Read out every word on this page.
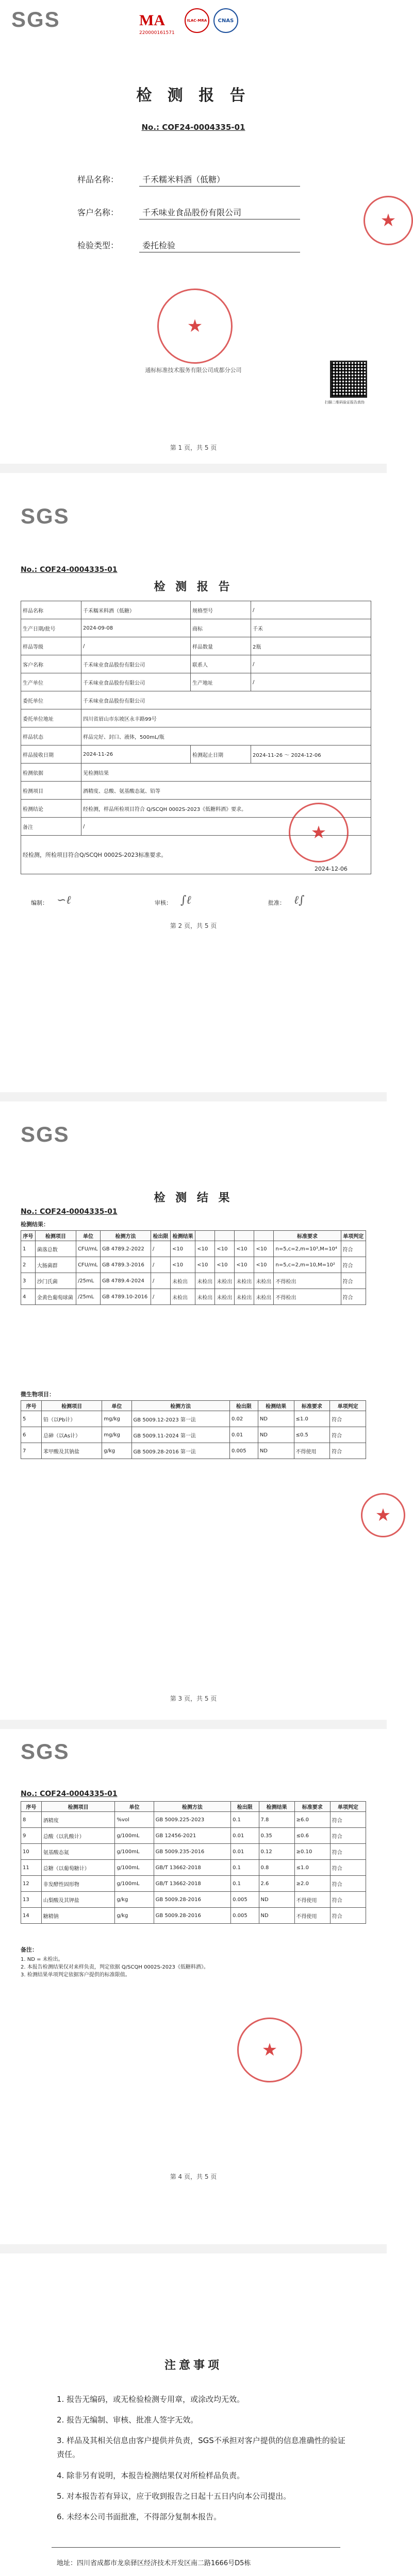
SGS	MA
220000161571
ILAC-MRA	CNAS
检 测 报 告
No.: COF24-0004335-01
样品名称：	千禾糯米料酒（低糖）
客户名称：	千禾味业食品股份有限公司
检验类型：	委托检验
★
通标标准技术服务有限公司成都分公司
★
扫描二维码验证报告真伪
第 1 页，共 5 页
SGS
No.: COF24-0004335-01
检 测 报 告
样品名称	千禾糯米料酒（低糖）	规格型号	/
生产日期/批号	2024-09-08	商标	千禾
样品等级	/	样品数量	2瓶
客户名称	千禾味业食品股份有限公司	联系人	/
生产单位	千禾味业食品股份有限公司	生产地址	/
委托单位	千禾味业食品股份有限公司		
委托单位地址	四川省眉山市东坡区永丰路99号		
样品状态	样品完好、封口、液体，500mL/瓶		
样品接收日期	2024-11-26	检测起止日期	2024-11-26 ～ 2024-12-06
检测依据	见检测结果		
检测项目	酒精度、总酸、氨基酸态氮、铅等		
检测结论	经检测，样品所检项目符合 Q/SCQH 0002S-2023《低糖料酒》要求。		
备注	/		
经检测，所检项目符合Q/SCQH 0002S-2023标准要求。			
编制： ∽ℓ	审核： ∫ℓ	批准： ℓ∫
★
2024-12-06
第 2 页，共 5 页
SGS
检 测 结 果
No.: COF24-0004335-01
检测结果：
序号	检测项目	单位	检测方法	检出限	检测结果					标准要求	单项判定
1	菌落总数	CFU/mL	GB 4789.2-2022	/	<10	<10	<10	<10	<10	n=5,c=2,m=10³,M=10⁴	符合
2	大肠菌群	CFU/mL	GB 4789.3-2016	/	<10	<10	<10	<10	<10	n=5,c=2,m=10,M=10²	符合
3	沙门氏菌	/25mL	GB 4789.4-2024	/	未检出	未检出	未检出	未检出	未检出	不得检出	符合
4	金黄色葡萄球菌	/25mL	GB 4789.10-2016	/	未检出	未检出	未检出	未检出	未检出	不得检出	符合
微生物项目：
序号	检测项目	单位	检测方法	检出限	检测结果	标准要求	单项判定
5	铅（以Pb计）	mg/kg	GB 5009.12-2023 第一法	0.02	ND	≤1.0	符合
6	总砷（以As计）	mg/kg	GB 5009.11-2024 第一法	0.01	ND	≤0.5	符合
7	苯甲酸及其钠盐	g/kg	GB 5009.28-2016 第一法	0.005	ND	不得使用	符合
★
第 3 页，共 5 页
SGS
No.: COF24-0004335-01
序号	检测项目	单位	检测方法	检出限	检测结果	标准要求	单项判定
8	酒精度	%vol	GB 5009.225-2023	0.1	7.8	≥6.0	符合
9	总酸（以乳酸计）	g/100mL	GB 12456-2021	0.01	0.35	≤0.6	符合
10	氨基酸态氮	g/100mL	GB 5009.235-2016	0.01	0.12	≥0.10	符合
11	总糖（以葡萄糖计）	g/100mL	GB/T 13662-2018	0.1	0.8	≤1.0	符合
12	非发酵性固形物	g/100mL	GB/T 13662-2018	0.1	2.6	≥2.0	符合
13	山梨酸及其钾盐	g/kg	GB 5009.28-2016	0.005	ND	不得使用	符合
14	糖精钠	g/kg	GB 5009.28-2016	0.005	ND	不得使用	符合
备注：
1. ND = 未检出。
2. 本报告检测结果仅对来样负责，判定依据 Q/SCQH 0002S-2023《低糖料酒》。
3. 检测结果单项判定依据客户提供的标准限值。
★
第 4 页，共 5 页
注意事项
1. 报告无编码，或无检验检测专用章，或涂改均无效。
2. 报告无编制、审核、批准人签字无效。
3. 样品及其相关信息由客户提供并负责，SGS不承担对客户提供的信息准确性的验证责任。
4. 除非另有说明，本报告检测结果仅对所检样品负责。
5. 对本报告若有异议，应于收到报告之日起十五日内向本公司提出。
6. 未经本公司书面批准，不得部分复制本报告。
地址：四川省成都市龙泉驿区经济技术开发区南二路1666号D5栋
